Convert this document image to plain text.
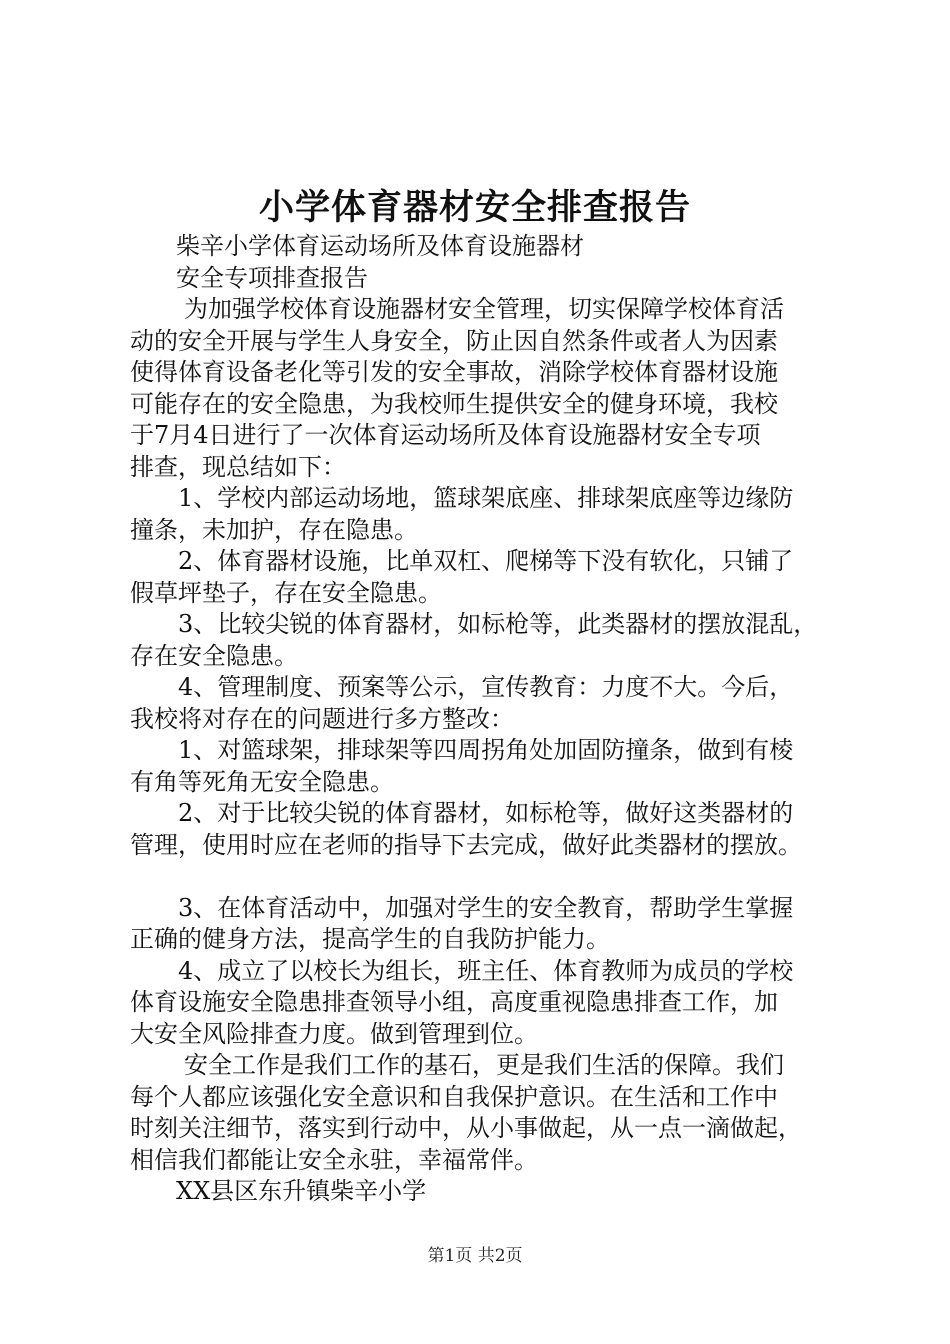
小学体育器材安全排查报告
柴辛小学体育运动场所及体育设施器材
安全专项排查报告
为加强学校体育设施器材安全管理，切实保障学校体育活
动的安全开展与学生人身安全，防止因自然条件或者人为因素
使得体育设备老化等引发的安全事故，消除学校体育器材设施
可能存在的安全隐患，为我校师生提供安全的健身环境，我校
于7月4日进行了一次体育运动场所及体育设施器材安全专项
排查，现总结如下：
1、学校内部运动场地，篮球架底座、排球架底座等边缘防
撞条，未加护，存在隐患。
2、体育器材设施，比单双杠、爬梯等下没有软化，只铺了
假草坪垫子，存在安全隐患。
3、比较尖锐的体育器材，如标枪等，此类器材的摆放混乱，
存在安全隐患。
4、管理制度、预案等公示，宣传教育：力度不大。今后，
我校将对存在的问题进行多方整改：
1、对篮球架，排球架等四周拐角处加固防撞条，做到有棱
有角等死角无安全隐患。
2、对于比较尖锐的体育器材，如标枪等，做好这类器材的
管理，使用时应在老师的指导下去完成，做好此类器材的摆放。
3、在体育活动中，加强对学生的安全教育，帮助学生掌握
正确的健身方法，提高学生的自我防护能力。
4、成立了以校长为组长，班主任、体育教师为成员的学校
体育设施安全隐患排查领导小组，高度重视隐患排查工作，加
大安全风险排查力度。做到管理到位。
安全工作是我们工作的基石，更是我们生活的保障。我们
每个人都应该强化安全意识和自我保护意识。在生活和工作中
时刻关注细节，落实到行动中，从小事做起，从一点一滴做起，
相信我们都能让安全永驻，幸福常伴。
XX县区东升镇柴辛小学
第1页 共2页
